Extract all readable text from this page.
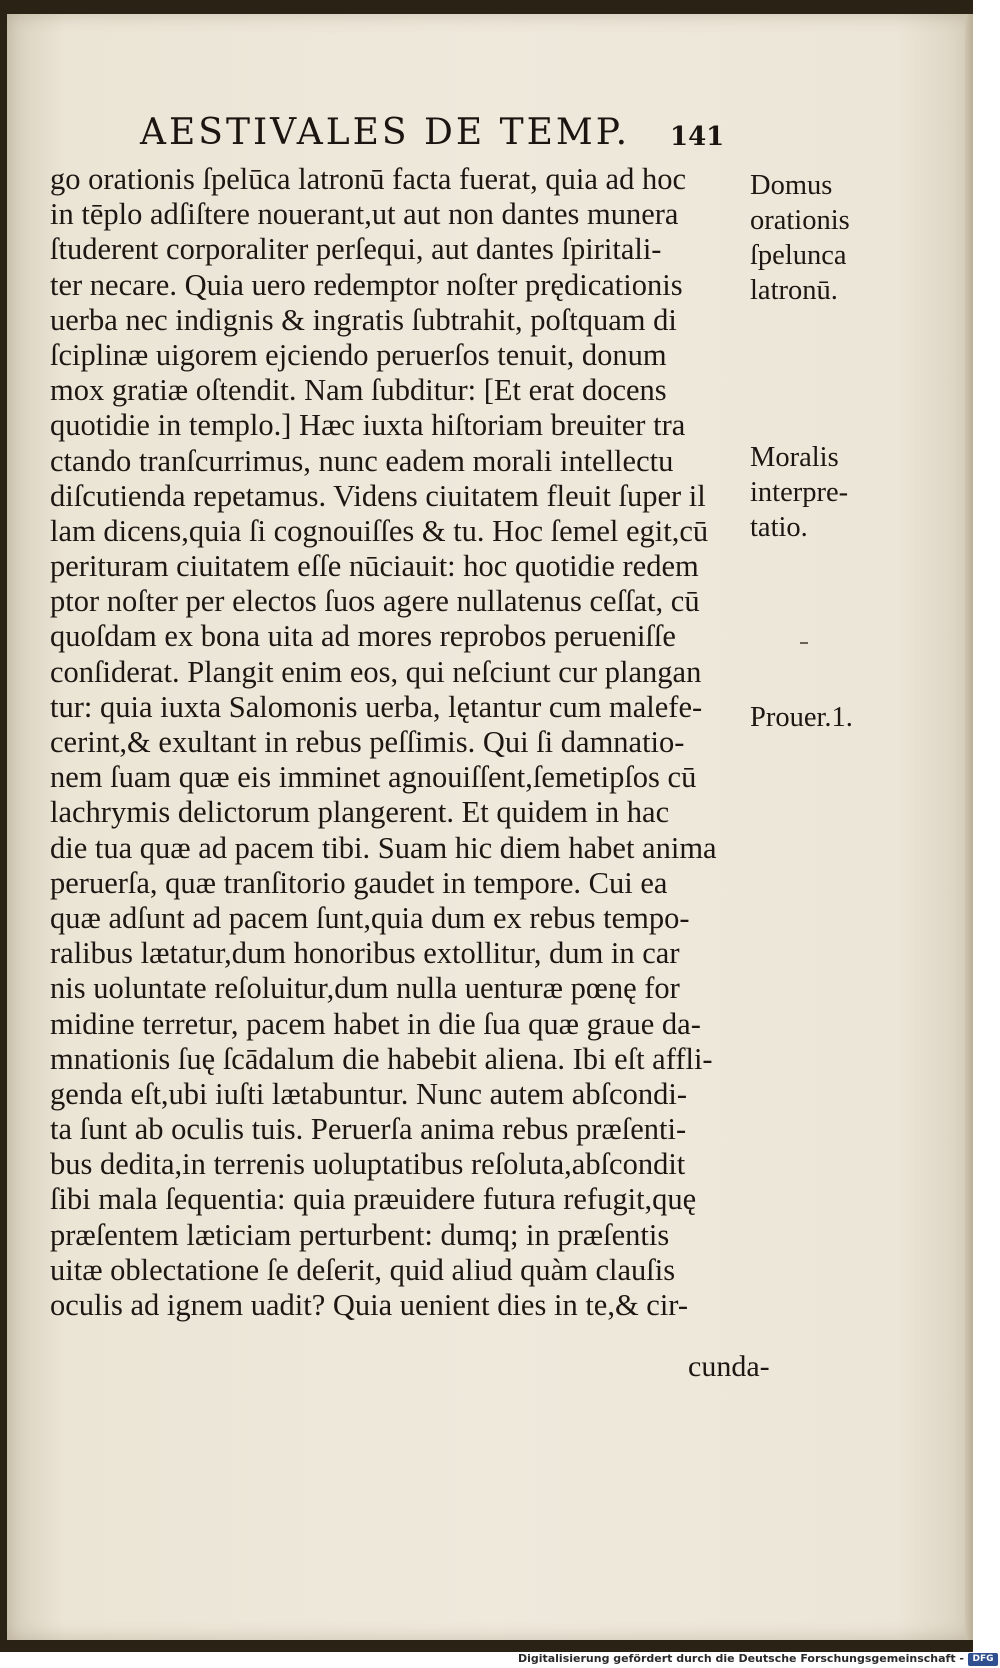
AESTIVALES DE TEMP. 141
go orationis ſpelūca latronū facta fuerat, quia ad hoc
in tēplo adſiſtere nouerant,ut aut non dantes munera
ſtuderent corporaliter perſequi, aut dantes ſpiritali-
ter necare. Quia uero redemptor noſter prędicationis
uerba nec indignis & ingratis ſubtrahit, poſtquam di
ſciplinæ uigorem ejciendo peruerſos tenuit, donum
mox gratiæ oſtendit. Nam ſubditur: [Et erat docens
quotidie in templo.] Hæc iuxta hiſtoriam breuiter tra
ctando tranſcurrimus, nunc eadem morali intellectu
diſcutienda repetamus. Videns ciuitatem fleuit ſuper il
lam dicens,quia ſi cognouiſſes & tu. Hoc ſemel egit,cū
perituram ciuitatem eſſe nūciauit: hoc quotidie redem
ptor noſter per electos ſuos agere nullatenus ceſſat, cū
quoſdam ex bona uita ad mores reprobos perueniſſe
conſiderat. Plangit enim eos, qui neſciunt cur plangan
tur: quia iuxta Salomonis uerba, lętantur cum malefe-
cerint,& exultant in rebus peſſimis. Qui ſi damnatio-
nem ſuam quæ eis imminet agnouiſſent,ſemetipſos cū
lachrymis delictorum plangerent. Et quidem in hac
die tua quæ ad pacem tibi. Suam hic diem habet anima
peruerſa, quæ tranſitorio gaudet in tempore. Cui ea
quæ adſunt ad pacem ſunt,quia dum ex rebus tempo-
ralibus lætatur,dum honoribus extollitur, dum in car
nis uoluntate reſoluitur,dum nulla uenturæ pœnę for
midine terretur, pacem habet in die ſua quæ graue da-
mnationis ſuę ſcādalum die habebit aliena. Ibi eſt affli-
genda eſt,ubi iuſti lætabuntur. Nunc autem abſcondi-
ta ſunt ab oculis tuis. Peruerſa anima rebus præſenti-
bus dedita,in terrenis uoluptatibus reſoluta,abſcondit
ſibi mala ſequentia: quia præuidere futura refugit,quę
præſentem læticiam perturbent: dumq; in præſentis
uitæ oblectatione ſe deſerit, quid aliud quàm clauſis
oculis ad ignem uadit? Quia uenient dies in te,& cir-
cunda-
Domus
orationis
ſpelunca
latronū.
Moralis
interpre-
tatio.
Prouer.1.
Digitalisierung gefördert durch die Deutsche Forschungsgemeinschaft - DFG
